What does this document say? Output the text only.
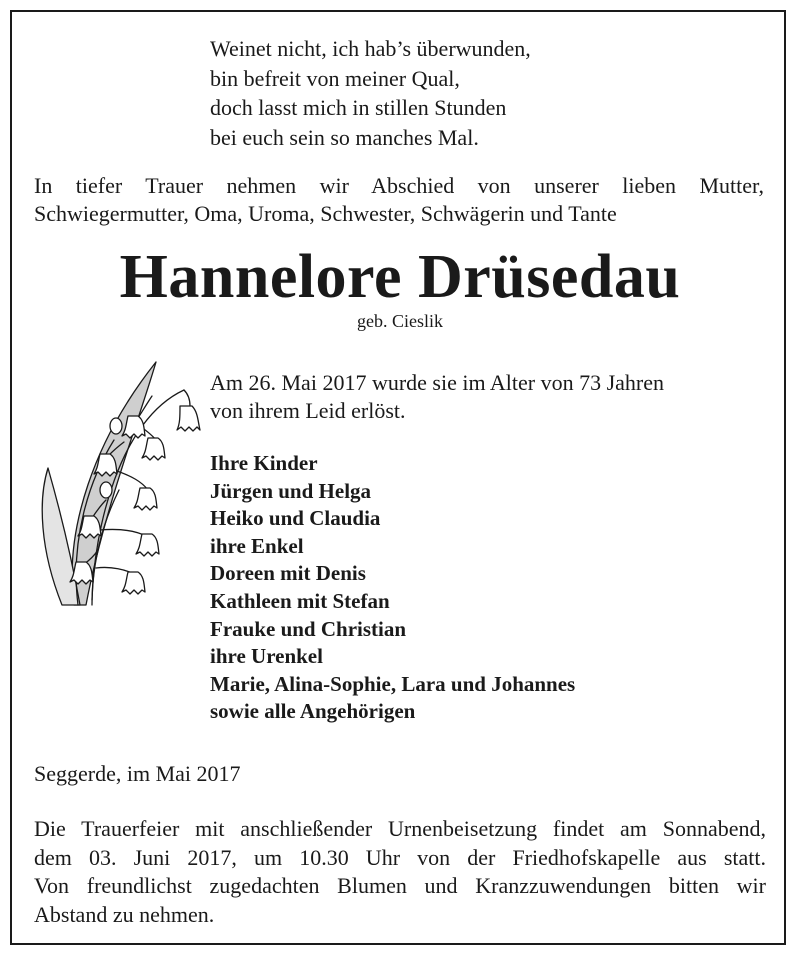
Weinet nicht, ich hab’s überwunden,
bin befreit von meiner Qual,
doch lasst mich in stillen Stunden
bei euch sein so manches Mal.
In tiefer Trauer nehmen wir Abschied von unserer lieben Mutter,
Schwiegermutter, Oma, Uroma, Schwester, Schwägerin und Tante
Hannelore Drüsedau
geb. Cieslik
Am 26. Mai 2017 wurde sie im Alter von 73 Jahren
von ihrem Leid erlöst.
Ihre Kinder
Jürgen und Helga
Heiko und Claudia
ihre Enkel
Doreen mit Denis
Kathleen mit Stefan
Frauke und Christian
ihre Urenkel
Marie, Alina-Sophie, Lara und Johannes
sowie alle Angehörigen
Seggerde, im Mai 2017
Die Trauerfeier mit anschließender Urnenbeisetzung findet am Sonnabend,
dem 03. Juni 2017, um 10.30 Uhr von der Friedhofskapelle aus statt.
Von freundlichst zugedachten Blumen und Kranzzuwendungen bitten wir
Abstand zu nehmen.
